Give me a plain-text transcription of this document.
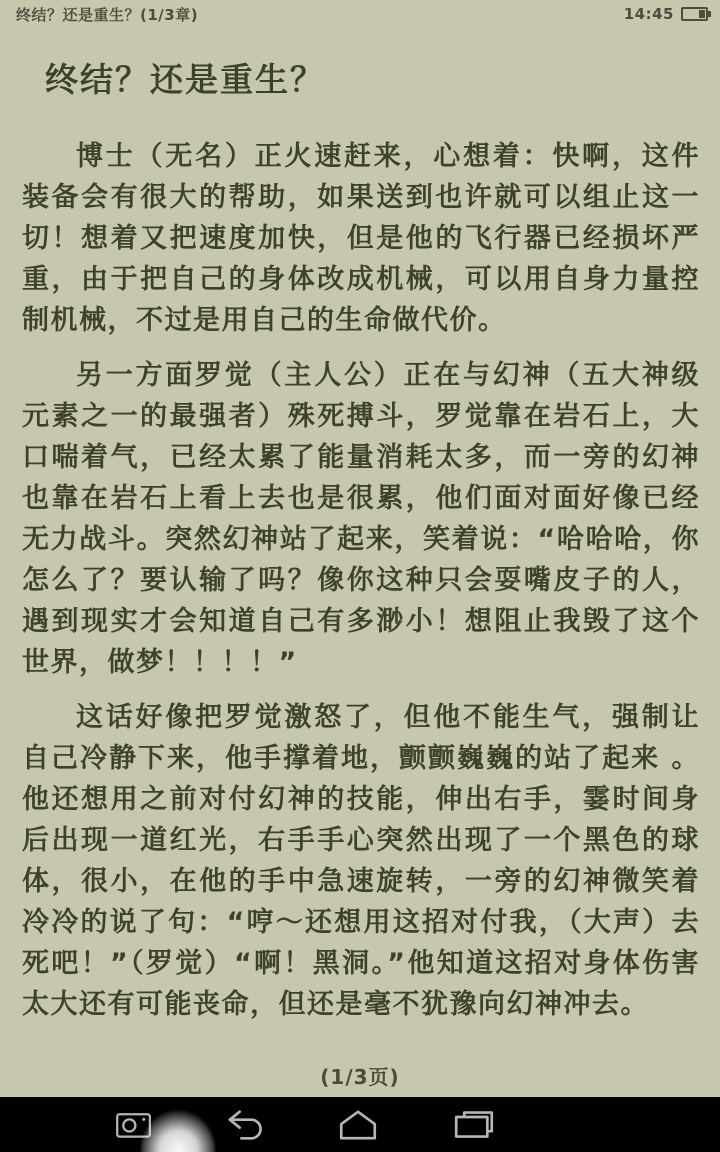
终结？还是重生？(1/3章)	14:45
终结？还是重生？

博士（无名）正火速赶来，心想着：快啊，这件装备会有很大的帮助，如果送到也许就可以组止这一切！想着又把速度加快，但是他的飞行器已经损坏严重，由于把自己的身体改成机械，可以用自身力量控制机械，不过是用自己的生命做代价。

另一方面罗觉（主人公）正在与幻神（五大神级元素之一的最强者）殊死搏斗，罗觉靠在岩石上，大口喘着气，已经太累了能量消耗太多，而一旁的幻神也靠在岩石上看上去也是很累，他们面对面好像已经无力战斗。突然幻神站了起来，笑着说：“哈哈哈，你怎么了？要认输了吗？像你这种只会耍嘴皮子的人，遇到现实才会知道自己有多渺小！想阻止我毁了这个世界，做梦！！！！”

这话好像把罗觉激怒了，但他不能生气，强制让自己冷静下来，他手撑着地，颤颤巍巍的站了起来 。他还想用之前对付幻神的技能，伸出右手，霎时间身后出现一道红光，右手手心突然出现了一个黑色的球体，很小，在他的手中急速旋转，一旁的幻神微笑着冷冷的说了句：“哼～还想用这招对付我，（大声）去死吧！”（罗觉）“啊！黑洞。”他知道这招对身体伤害太大还有可能丧命，但还是毫不犹豫向幻神冲去。

(1/3页)
